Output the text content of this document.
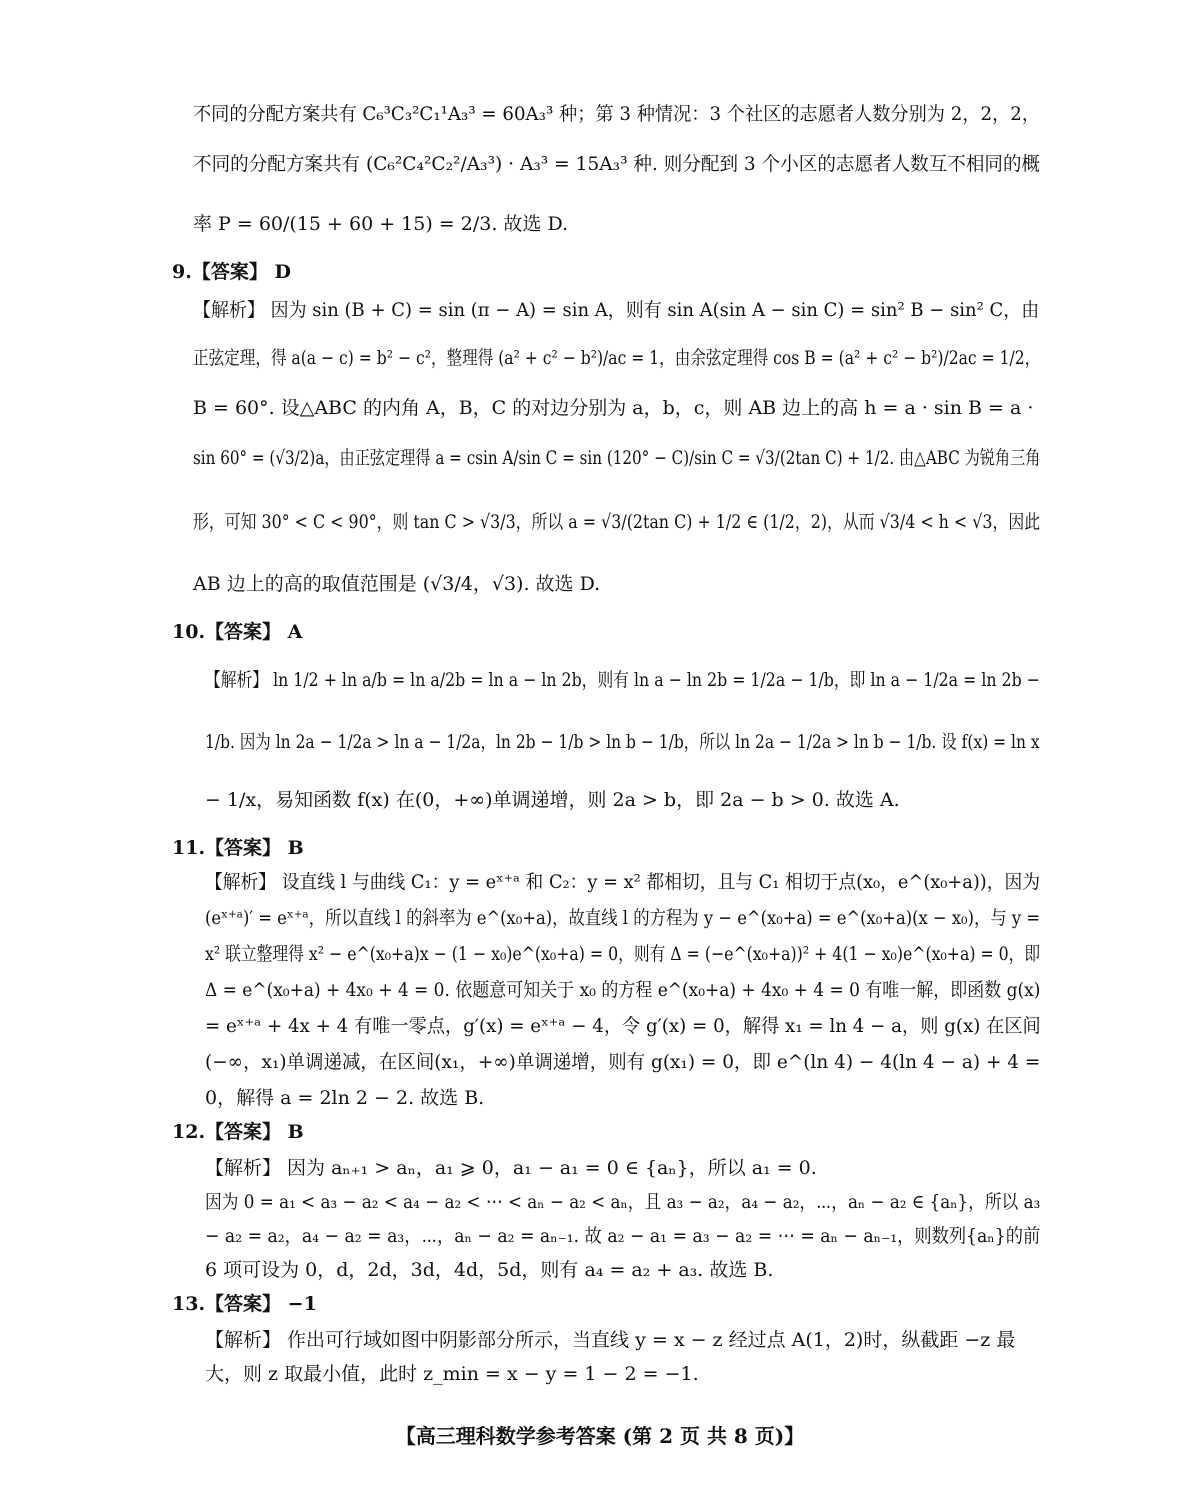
不同的分配方案共有 C₆³C₃²C₁¹A₃³ = 60A₃³ 种；第 3 种情况：3 个社区的志愿者人数分别为 2，2，2，
不同的分配方案共有 (C₆²C₄²C₂²/A₃³) · A₃³ = 15A₃³ 种. 则分配到 3 个小区的志愿者人数互不相同的概
率 P = 60/(15 + 60 + 15) = 2/3. 故选 D.
9.【答案】 D
【解析】 因为 sin (B + C) = sin (π − A) = sin A，则有 sin A(sin A − sin C) = sin² B − sin² C，由
正弦定理，得 a(a − c) = b² − c²，整理得 (a² + c² − b²)/ac = 1，由余弦定理得 cos B = (a² + c² − b²)/2ac = 1/2，
B = 60°. 设△ABC 的内角 A，B，C 的对边分别为 a，b，c，则 AB 边上的高 h = a · sin B = a ·
sin 60° = (√3/2)a，由正弦定理得 a = csin A/sin C = sin (120° − C)/sin C = √3/(2tan C) + 1/2. 由△ABC 为锐角三角
形，可知 30° < C < 90°，则 tan C > √3/3，所以 a = √3/(2tan C) + 1/2 ∈ (1/2，2)，从而 √3/4 < h < √3，因此
AB 边上的高的取值范围是 (√3/4，√3). 故选 D.
10.【答案】 A
【解析】 ln 1/2 + ln a/b = ln a/2b = ln a − ln 2b，则有 ln a − ln 2b = 1/2a − 1/b，即 ln a − 1/2a = ln 2b −
1/b. 因为 ln 2a − 1/2a > ln a − 1/2a，ln 2b − 1/b > ln b − 1/b，所以 ln 2a − 1/2a > ln b − 1/b. 设 f(x) = ln x
− 1/x，易知函数 f(x) 在(0，+∞)单调递增，则 2a > b，即 2a − b > 0. 故选 A.
11.【答案】 B
【解析】 设直线 l 与曲线 C₁：y = eˣ⁺ᵃ 和 C₂：y = x² 都相切，且与 C₁ 相切于点(x₀，e^(x₀+a))，因为
(eˣ⁺ᵃ)′ = eˣ⁺ᵃ，所以直线 l 的斜率为 e^(x₀+a)，故直线 l 的方程为 y − e^(x₀+a) = e^(x₀+a)(x − x₀)，与 y =
x² 联立整理得 x² − e^(x₀+a)x − (1 − x₀)e^(x₀+a) = 0，则有 Δ = (−e^(x₀+a))² + 4(1 − x₀)e^(x₀+a) = 0，即
Δ = e^(x₀+a) + 4x₀ + 4 = 0. 依题意可知关于 x₀ 的方程 e^(x₀+a) + 4x₀ + 4 = 0 有唯一解，即函数 g(x)
= eˣ⁺ᵃ + 4x + 4 有唯一零点，g′(x) = eˣ⁺ᵃ − 4，令 g′(x) = 0，解得 x₁ = ln 4 − a，则 g(x) 在区间
(−∞，x₁)单调递减，在区间(x₁，+∞)单调递增，则有 g(x₁) = 0，即 e^(ln 4) − 4(ln 4 − a) + 4 =
0，解得 a = 2ln 2 − 2. 故选 B.
12.【答案】 B
【解析】 因为 aₙ₊₁ > aₙ，a₁ ⩾ 0，a₁ − a₁ = 0 ∈ {aₙ}，所以 a₁ = 0.
因为 0 = a₁ < a₃ − a₂ < a₄ − a₂ < ⋯ < aₙ − a₂ < aₙ，且 a₃ − a₂，a₄ − a₂，⋯，aₙ − a₂ ∈ {aₙ}，所以 a₃
− a₂ = a₂，a₄ − a₂ = a₃，⋯，aₙ − a₂ = aₙ₋₁. 故 a₂ − a₁ = a₃ − a₂ = ⋯ = aₙ − aₙ₋₁，则数列{aₙ}的前
6 项可设为 0，d，2d，3d，4d，5d，则有 a₄ = a₂ + a₃. 故选 B.
13.【答案】 −1
【解析】 作出可行域如图中阴影部分所示，当直线 y = x − z 经过点 A(1，2)时，纵截距 −z 最
大，则 z 取最小值，此时 z_min = x − y = 1 − 2 = −1.
【高三理科数学参考答案 (第 2 页 共 8 页)】
